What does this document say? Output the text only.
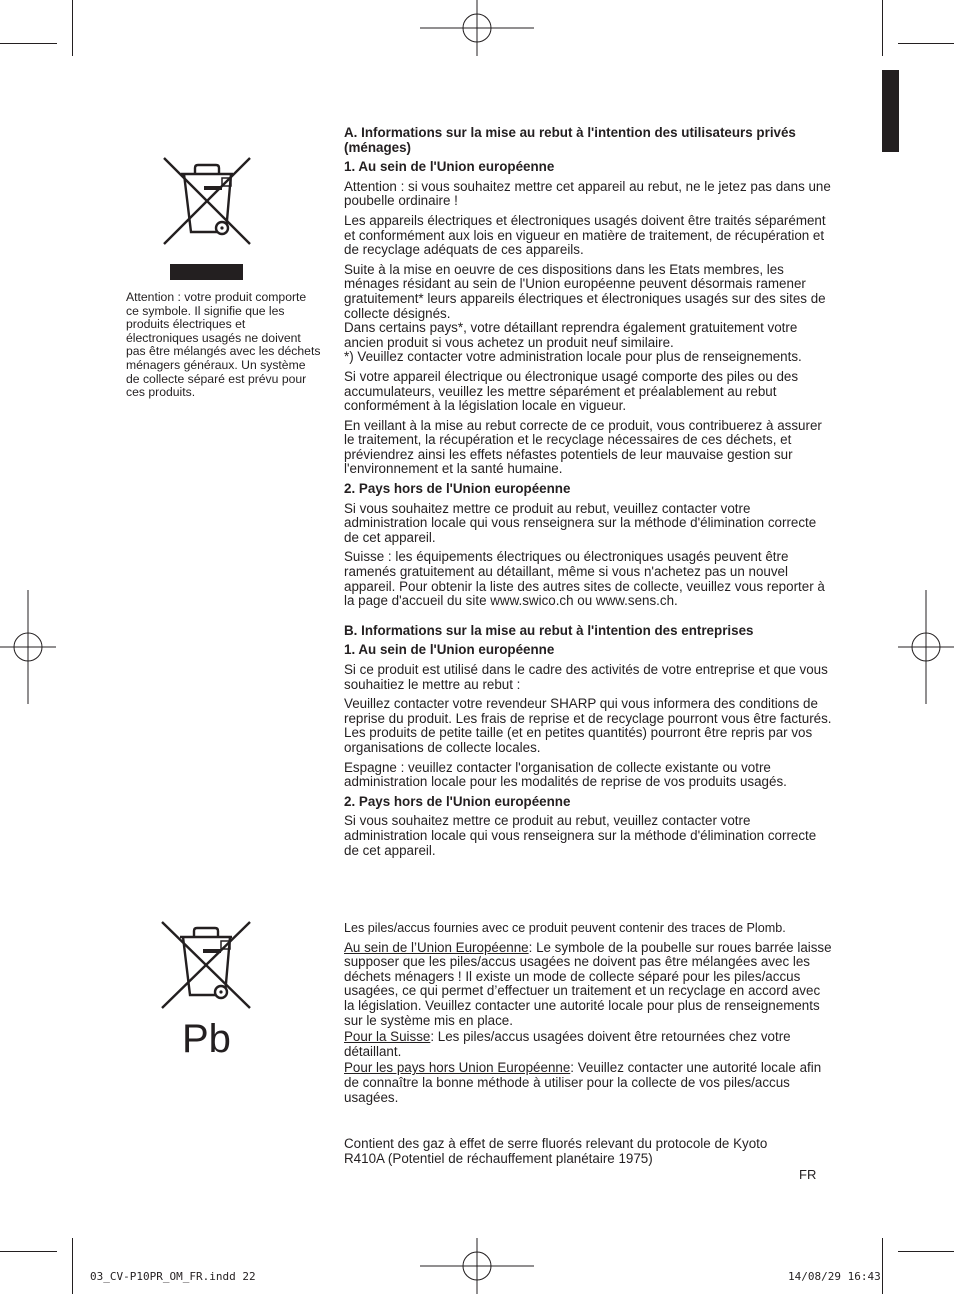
Attention : votre produit comporte ce symbole. Il signifie que les produits électriques et électroniques usagés ne doivent pas être mélangés avec les déchets ménagers généraux. Un système de collecte séparé est prévu pour ces produits.

A. Informations sur la mise au rebut à l'intention des utilisateurs privés (ménages)

1. Au sein de l'Union européenne

Attention : si vous souhaitez mettre cet appareil au rebut, ne le jetez pas dans une poubelle ordinaire !

Les appareils électriques et électroniques usagés doivent être traités séparément et conformément aux lois en vigueur en matière de traitement, de récupération et de recyclage adéquats de ces appareils.

Suite à la mise en oeuvre de ces dispositions dans les Etats membres, les ménages résidant au sein de l'Union européenne peuvent désormais ramener gratuitement* leurs appareils électriques et électroniques usagés sur des sites de collecte désignés.

Dans certains pays*, votre détaillant reprendra également gratuitement votre ancien produit si vous achetez un produit neuf similaire.

*) Veuillez contacter votre administration locale pour plus de renseignements.

Si votre appareil électrique ou électronique usagé comporte des piles ou des accumulateurs, veuillez les mettre séparément et préalablement au rebut conformément à la législation locale en vigueur.

En veillant à la mise au rebut correcte de ce produit, vous contribuerez à assurer le traitement, la récupération et le recyclage nécessaires de ces déchets, et préviendrez ainsi les effets néfastes potentiels de leur mauvaise gestion sur l'environnement et la santé humaine.

2. Pays hors de l'Union européenne

Si vous souhaitez mettre ce produit au rebut, veuillez contacter votre administration locale qui vous renseignera sur la méthode d'élimination correcte de cet appareil.

Suisse : les équipements électriques ou électroniques usagés peuvent être ramenés gratuitement au détaillant, même si vous n'achetez pas un nouvel appareil. Pour obtenir la liste des autres sites de collecte, veuillez vous reporter à la page d'accueil du site www.swico.ch ou www.sens.ch.

B. Informations sur la mise au rebut à l'intention des entreprises

1. Au sein de l'Union européenne

Si ce produit est utilisé dans le cadre des activités de votre entreprise et que vous souhaitiez le mettre au rebut :

Veuillez contacter votre revendeur SHARP qui vous informera des conditions de reprise du produit. Les frais de reprise et de recyclage pourront vous être facturés. Les produits de petite taille (et en petites quantités) pourront être repris par vos organisations de collecte locales.

Espagne : veuillez contacter l'organisation de collecte existante ou votre administration locale pour les modalités de reprise de vos produits usagés.

2. Pays hors de l'Union européenne

Si vous souhaitez mettre ce produit au rebut, veuillez contacter votre administration locale qui vous renseignera sur la méthode d'élimination correcte de cet appareil.

Pb

Les piles/accus fournies avec ce produit peuvent contenir des traces de Plomb.

Au sein de l’Union Européenne: Le symbole de la poubelle sur roues barrée laisse supposer que les piles/accus usagées ne doivent pas être mélangées avec les déchets ménagers ! Il existe un mode de collecte séparé pour les piles/accus usagées, ce qui permet d’effectuer un traitement et un recyclage en accord avec la législation. Veuillez contacter une autorité locale pour plus de renseignements sur le système mis en place.

Pour la Suisse: Les piles/accus usagées doivent être retournées chez votre détaillant.

Pour les pays hors Union Européenne: Veuillez contacter une autorité locale afin de connaître la bonne méthode à utiliser pour la collecte de vos piles/accus usagées.

Contient des gaz à effet de serre fluorés relevant du protocole de Kyoto

R410A (Potentiel de réchauffement planétaire 1975)

FR
03_CV-P10PR_OM_FR.indd 22	14/08/29 16:43
